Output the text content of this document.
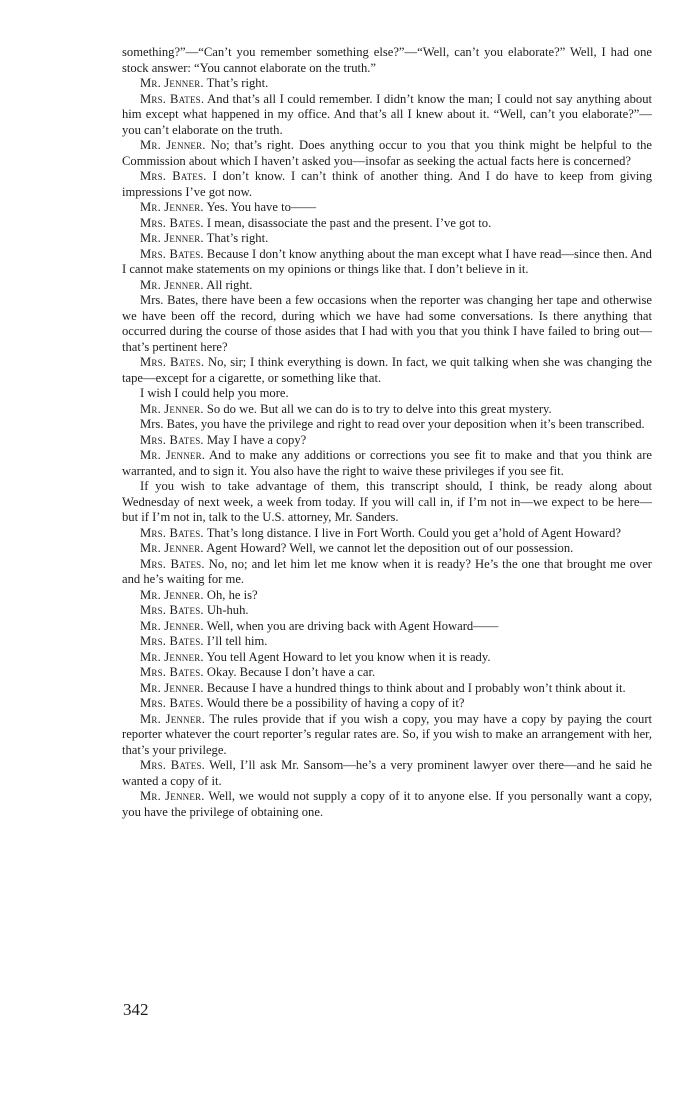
something?”—“Can’t you remember something else?”—“Well, can’t you elaborate?” Well, I had one stock answer: “You cannot elaborate on the truth.”

Mr. Jenner. That’s right.

Mrs. Bates. And that’s all I could remember. I didn’t know the man; I could not say anything about him except what happened in my office. And that’s all I knew about it. “Well, can’t you elaborate?”—you can’t elaborate on the truth.

Mr. Jenner. No; that’s right. Does anything occur to you that you think might be helpful to the Commission about which I haven’t asked you—insofar as seeking the actual facts here is concerned?

Mrs. Bates. I don’t know. I can’t think of another thing. And I do have to keep from giving impressions I’ve got now.

Mr. Jenner. Yes. You have to——

Mrs. Bates. I mean, disassociate the past and the present. I’ve got to.

Mr. Jenner. That’s right.

Mrs. Bates. Because I don’t know anything about the man except what I have read—since then. And I cannot make statements on my opinions or things like that. I don’t believe in it.

Mr. Jenner. All right.

Mrs. Bates, there have been a few occasions when the reporter was changing her tape and otherwise we have been off the record, during which we have had some conversations. Is there anything that occurred during the course of those asides that I had with you that you think I have failed to bring out—that’s pertinent here?

Mrs. Bates. No, sir; I think everything is down. In fact, we quit talking when she was changing the tape—except for a cigarette, or something like that.

I wish I could help you more.

Mr. Jenner. So do we. But all we can do is to try to delve into this great mystery.

Mrs. Bates, you have the privilege and right to read over your deposition when it’s been transcribed.

Mrs. Bates. May I have a copy?

Mr. Jenner. And to make any additions or corrections you see fit to make and that you think are warranted, and to sign it. You also have the right to waive these privileges if you see fit.

If you wish to take advantage of them, this transcript should, I think, be ready along about Wednesday of next week, a week from today. If you will call in, if I’m not in—we expect to be here—but if I’m not in, talk to the U.S. attorney, Mr. Sanders.

Mrs. Bates. That’s long distance. I live in Fort Worth. Could you get a’hold of Agent Howard?

Mr. Jenner. Agent Howard? Well, we cannot let the deposition out of our possession.

Mrs. Bates. No, no; and let him let me know when it is ready? He’s the one that brought me over and he’s waiting for me.

Mr. Jenner. Oh, he is?

Mrs. Bates. Uh-huh.

Mr. Jenner. Well, when you are driving back with Agent Howard——

Mrs. Bates. I’ll tell him.

Mr. Jenner. You tell Agent Howard to let you know when it is ready.

Mrs. Bates. Okay. Because I don’t have a car.

Mr. Jenner. Because I have a hundred things to think about and I probably won’t think about it.

Mrs. Bates. Would there be a possibility of having a copy of it?

Mr. Jenner. The rules provide that if you wish a copy, you may have a copy by paying the court reporter whatever the court reporter’s regular rates are. So, if you wish to make an arrangement with her, that’s your privilege.

Mrs. Bates. Well, I’ll ask Mr. Sansom—he’s a very prominent lawyer over there—and he said he wanted a copy of it.

Mr. Jenner. Well, we would not supply a copy of it to anyone else. If you personally want a copy, you have the privilege of obtaining one.

342
